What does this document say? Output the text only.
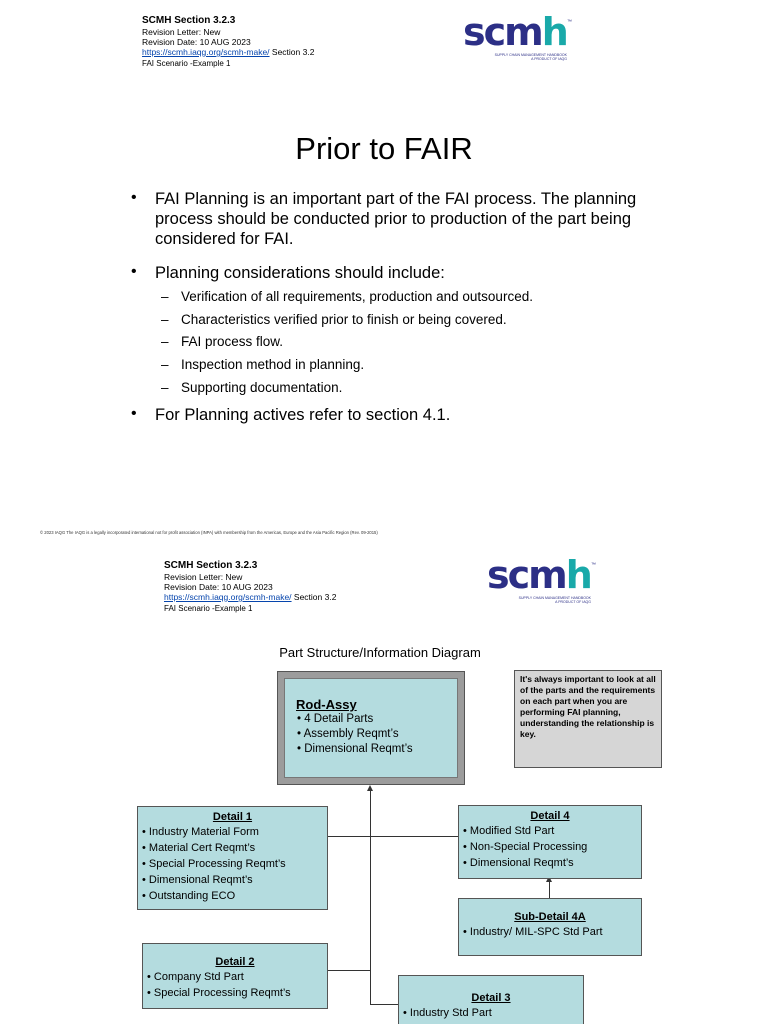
SCMH Section 3.2.3
Revision Letter: New
Revision Date: 10 AUG 2023
https://scmh.iaqg.org/scmh-make/ Section 3.2
FAI Scenario -Example 1
scmh ™
SUPPLY CHAIN MANAGEMENT HANDBOOK
A PRODUCT OF IAQG
Prior to FAIR
• FAI Planning is an important part of the FAI process. The planning process should be conducted prior to production of the part being considered for FAI.
• Planning considerations should include:
– Verification of all requirements, production and outsourced.
– Characteristics verified prior to finish or being covered.
– FAI process flow.
– Inspection method in planning.
– Supporting documentation.
• For Planning actives refer to section 4.1.
© 2023 IAQG The IAQG is a legally incorporated international not for profit association (INPA) with membership from the Americas, Europe and the Asia Pacific Region (Rev. 09-2015)
SCMH Section 3.2.3
Revision Letter: New
Revision Date: 10 AUG 2023
https://scmh.iaqg.org/scmh-make/ Section 3.2
FAI Scenario -Example 1
scmh ™
SUPPLY CHAIN MANAGEMENT HANDBOOK
A PRODUCT OF IAQG
Part Structure/Information Diagram
Rod-Assy
• 4 Detail Parts
• Assembly Reqmt’s
• Dimensional Reqmt’s
It's always important to look at all of the parts and the requirements on each part when you are performing FAI planning, understanding the relationship is key.
Detail 1
• Industry Material Form
• Material Cert Reqmt’s
• Special Processing Reqmt’s
• Dimensional Reqmt’s
• Outstanding ECO
Detail 4
• Modified Std Part
• Non-Special Processing
• Dimensional Reqmt’s
Sub-Detail 4A
• Industry/ MIL-SPC Std Part
Detail 2
• Company Std Part
• Special Processing Reqmt’s	Detail 3
• Industry Std Part
